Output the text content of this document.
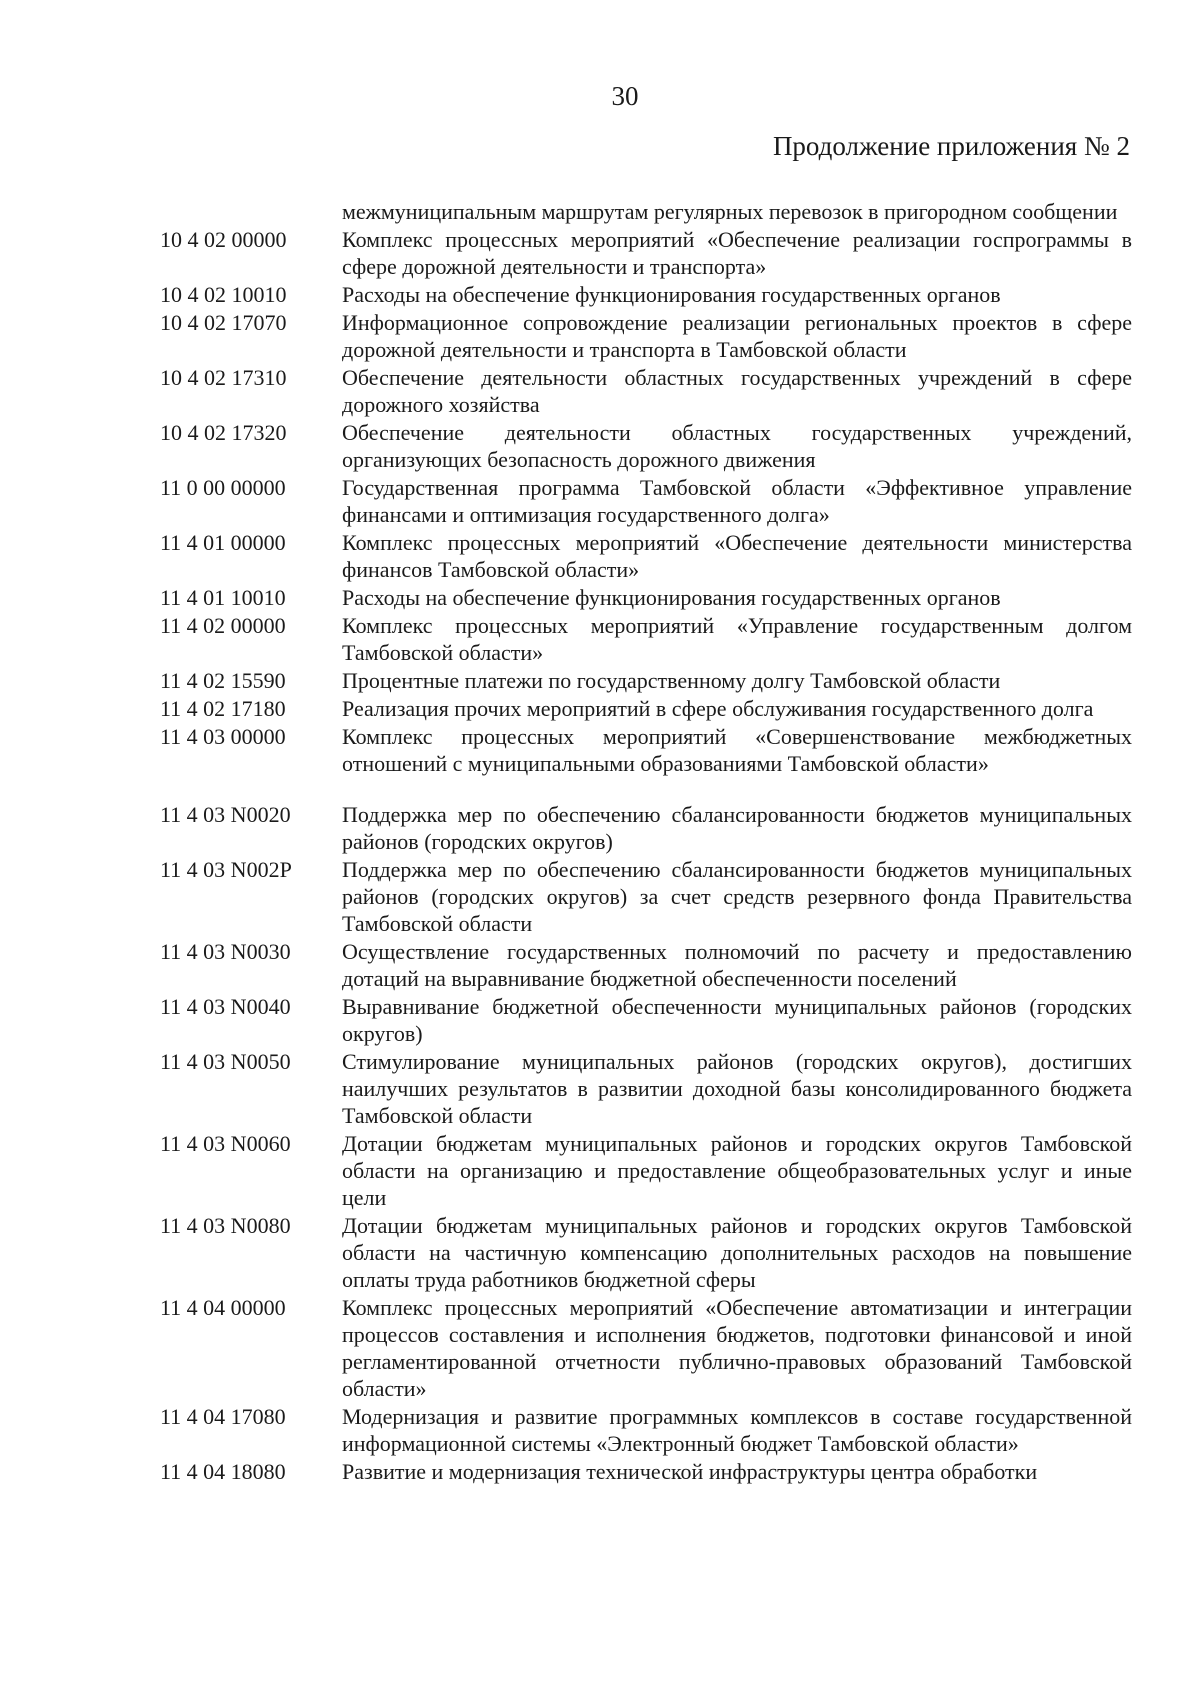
30
Продолжение приложения № 2
межмуниципальным маршрутам регулярных перевозок в пригородном сообщении
10 4 02 00000	Комплекс процессных мероприятий «Обеспечение реализации госпрограммы в сфере дорожной деятельности и транспорта»
10 4 02 10010	Расходы на обеспечение функционирования государственных органов
10 4 02 17070	Информационное сопровождение реализации региональных проектов в сфере дорожной деятельности и транспорта в Тамбовской области
10 4 02 17310	Обеспечение деятельности областных государственных учреждений в сфере дорожного хозяйства
10 4 02 17320	Обеспечение деятельности областных государственных учреждений, организующих безопасность дорожного движения
11 0 00 00000	Государственная программа Тамбовской области «Эффективное управление финансами и оптимизация государственного долга»
11 4 01 00000	Комплекс процессных мероприятий «Обеспечение деятельности министерства финансов Тамбовской области»
11 4 01 10010	Расходы на обеспечение функционирования государственных органов
11 4 02 00000	Комплекс процессных мероприятий «Управление государственным долгом Тамбовской области»
11 4 02 15590	Процентные платежи по государственному долгу Тамбовской области
11 4 02 17180	Реализация прочих мероприятий в сфере обслуживания государственного долга
11 4 03 00000	Комплекс процессных мероприятий «Совершенствование межбюджетных отношений с муниципальными образованиями Тамбовской области»
11 4 03 N0020	Поддержка мер по обеспечению сбалансированности бюджетов муниципальных районов (городских округов)
11 4 03 N002P	Поддержка мер по обеспечению сбалансированности бюджетов муниципальных районов (городских округов) за счет средств резервного фонда Правительства Тамбовской области
11 4 03 N0030	Осуществление государственных полномочий по расчету и предоставлению дотаций на выравнивание бюджетной обеспеченности поселений
11 4 03 N0040	Выравнивание бюджетной обеспеченности муниципальных районов (городских округов)
11 4 03 N0050	Стимулирование муниципальных районов (городских округов), достигших наилучших результатов в развитии доходной базы консолидированного бюджета Тамбовской области
11 4 03 N0060	Дотации бюджетам муниципальных районов и городских округов Тамбовской области на организацию и предоставление общеобразовательных услуг и иные цели
11 4 03 N0080	Дотации бюджетам муниципальных районов и городских округов Тамбовской области на частичную компенсацию дополнительных расходов на повышение оплаты труда работников бюджетной сферы
11 4 04 00000	Комплекс процессных мероприятий «Обеспечение автоматизации и интеграции процессов составления и исполнения бюджетов, подготовки финансовой и иной регламентированной отчетности публично-правовых образований Тамбовской области»
11 4 04 17080	Модернизация и развитие программных комплексов в составе государственной информационной системы «Электронный бюджет Тамбовской области»
11 4 04 18080	Развитие и модернизация технической инфраструктуры центра обработки
